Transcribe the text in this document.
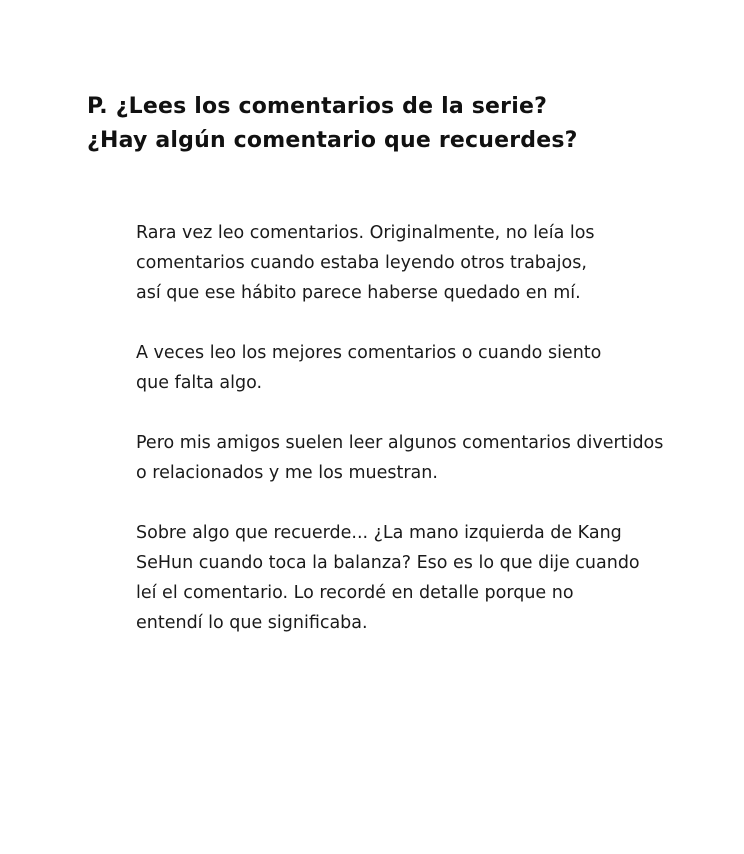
P. ¿Lees los comentarios de la serie?
¿Hay algún comentario que recuerdes?

Rara vez leo comentarios. Originalmente, no leía los
comentarios cuando estaba leyendo otros trabajos,
así que ese hábito parece haberse quedado en mí.

A veces leo los mejores comentarios o cuando siento
que falta algo.

Pero mis amigos suelen leer algunos comentarios divertidos
o relacionados y me los muestran.

Sobre algo que recuerde... ¿La mano izquierda de Kang
SeHun cuando toca la balanza? Eso es lo que dije cuando
leí el comentario. Lo recordé en detalle porque no
entendí lo que significaba.
